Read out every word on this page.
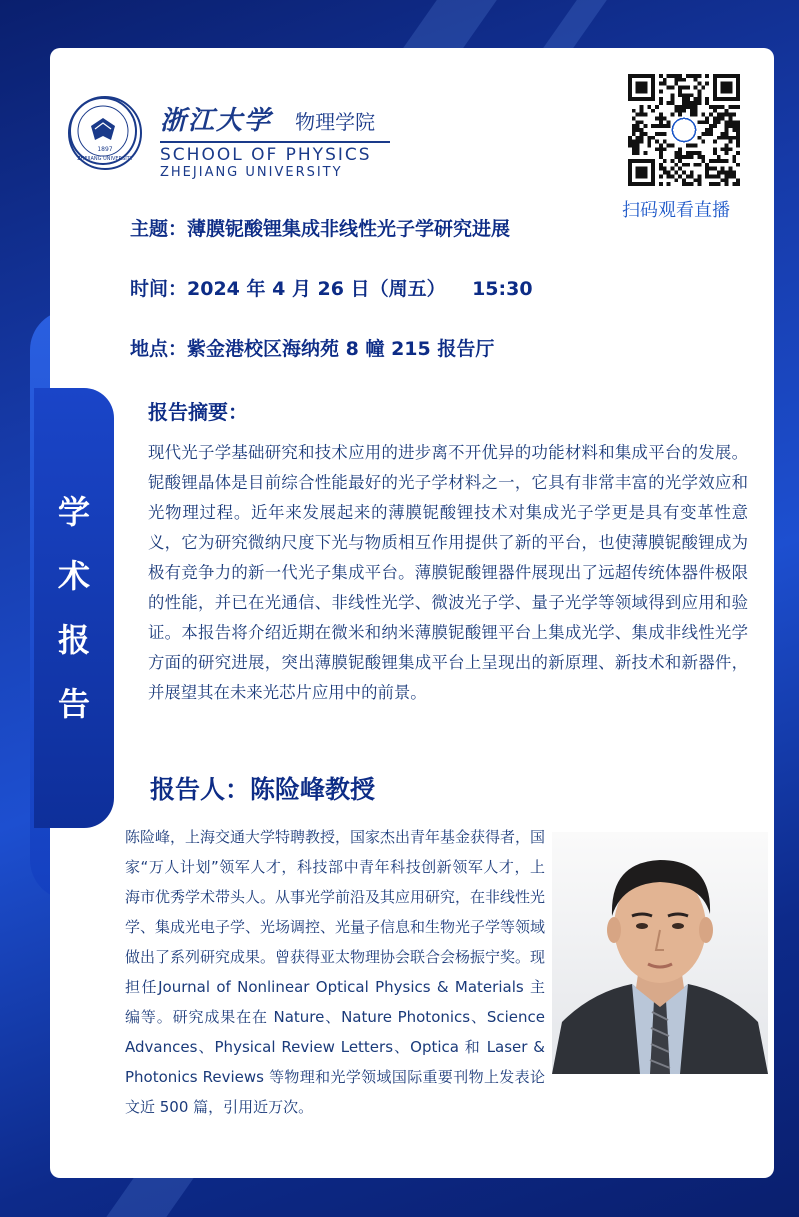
学
术
报
告
1897
ZHEJIANG UNIVERSITY
浙江大学 物理学院
SCHOOL OF PHYSICS
ZHEJIANG UNIVERSITY
扫码观看直播
主题：薄膜铌酸锂集成非线性光子学研究进展
时间：2024 年 4 月 26 日（周五）    15:30
地点：紫金港校区海纳苑 8 幢 215 报告厅
报告摘要：
现代光子学基础研究和技术应用的进步离不开优异的功能材料和集成平台的发展。铌酸锂晶体是目前综合性能最好的光子学材料之一，它具有非常丰富的光学效应和光物理过程。近年来发展起来的薄膜铌酸锂技术对集成光子学更是具有变革性意义，它为研究微纳尺度下光与物质相互作用提供了新的平台，也使薄膜铌酸锂成为极有竞争力的新一代光子集成平台。薄膜铌酸锂器件展现出了远超传统体器件极限的性能，并已在光通信、非线性光学、微波光子学、量子光学等领域得到应用和验证。本报告将介绍近期在微米和纳米薄膜铌酸锂平台上集成光学、集成非线性光学方面的研究进展，突出薄膜铌酸锂集成平台上呈现出的新原理、新技术和新器件，并展望其在未来光芯片应用中的前景。
报告人：陈险峰教授
陈险峰，上海交通大学特聘教授，国家杰出青年基金获得者，国家“万人计划”领军人才，科技部中青年科技创新领军人才，上海市优秀学术带头人。从事光学前沿及其应用研究，在非线性光学、集成光电子学、光场调控、光量子信息和生物光子学等领域做出了系列研究成果。曾获得亚太物理协会联合会杨振宁奖。现担任Journal of Nonlinear Optical Physics & Materials 主编等。研究成果在在 Nature、Nature Photonics、Science Advances、Physical Review Letters、Optica 和 Laser & Photonics Reviews 等物理和光学领域国际重要刊物上发表论文近 500 篇，引用近万次。
